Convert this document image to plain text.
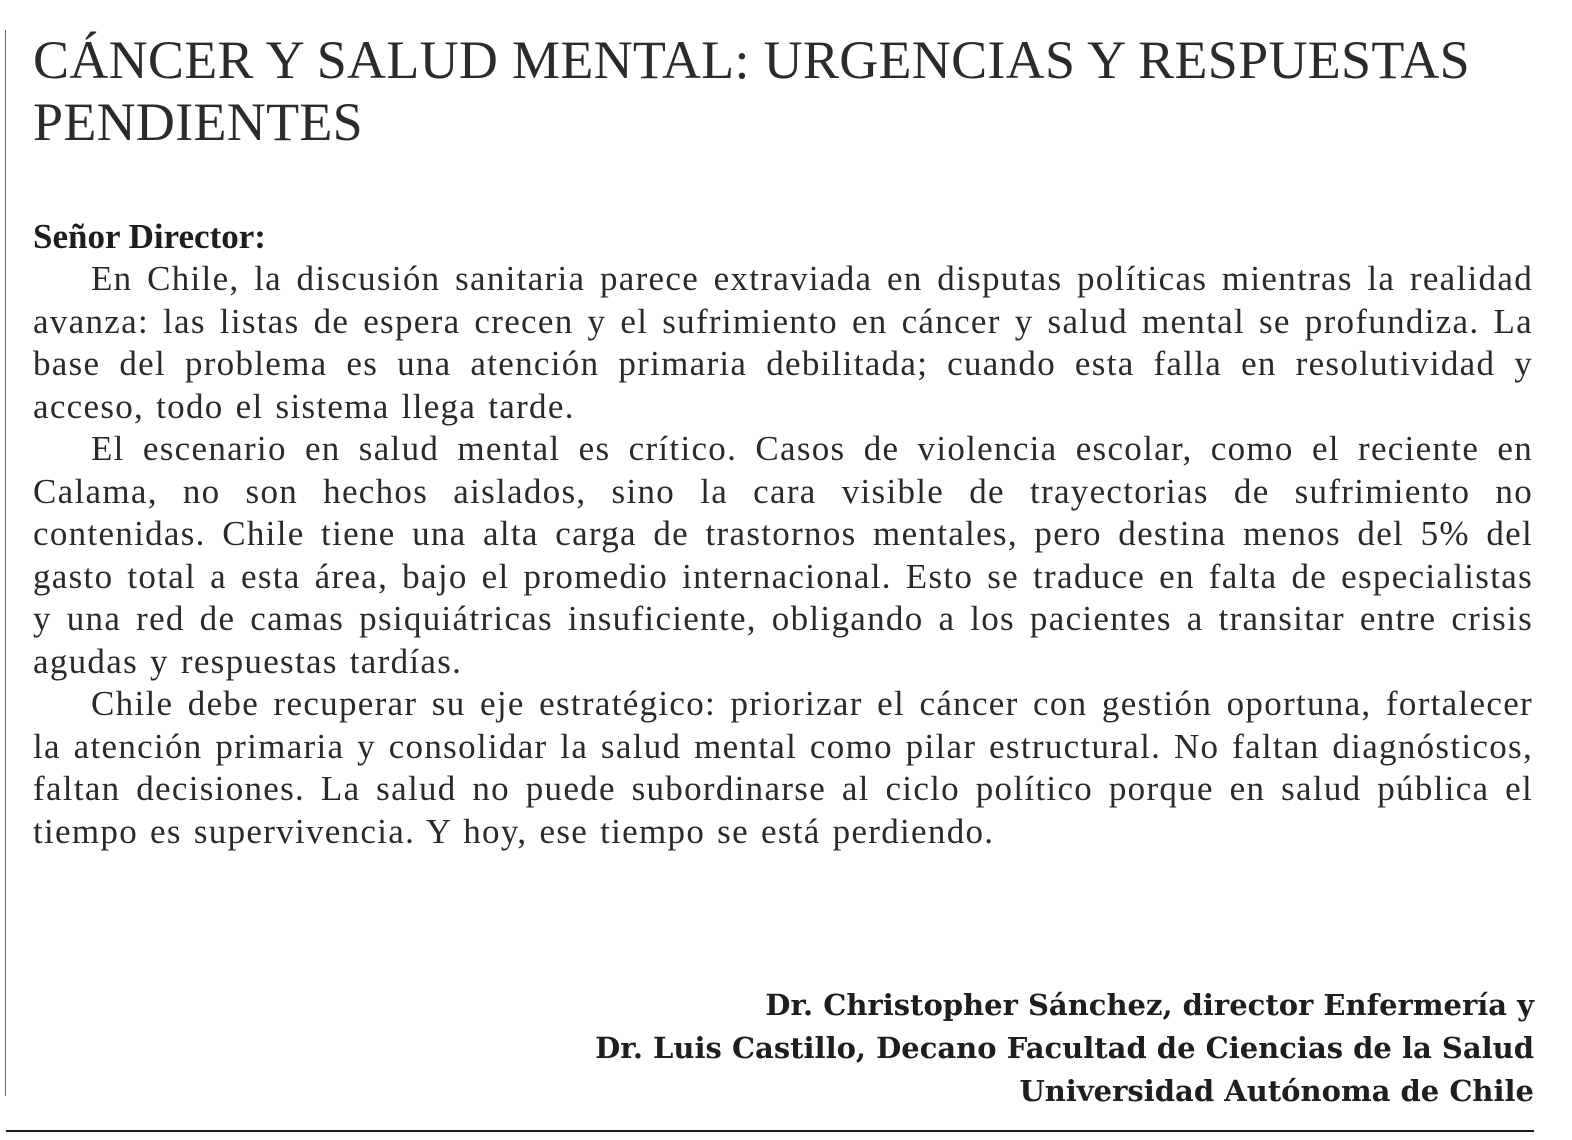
CÁNCER Y SALUD MENTAL: URGENCIAS Y RESPUESTAS PENDIENTES

Señor Director:

En Chile, la discusión sanitaria parece extraviada en disputas políticas mientras la realidad avanza: las listas de espera crecen y el sufrimiento en cáncer y salud mental se profundiza. La base del problema es una atención primaria debilitada; cuando esta falla en resolutividad y acceso, todo el sistema llega tarde.

El escenario en salud mental es crítico. Casos de violencia escolar, como el reciente en Calama, no son hechos aislados, sino la cara visible de trayectorias de sufrimiento no contenidas. Chile tiene una alta carga de trastornos mentales, pero destina menos del 5% del gasto total a esta área, bajo el promedio internacional. Esto se traduce en falta de especialistas y una red de camas psiquiátricas insuficiente, obligando a los pacientes a transitar entre crisis agudas y respuestas tardías.

Chile debe recuperar su eje estratégico: priorizar el cáncer con gestión oportuna, fortalecer la atención primaria y consolidar la salud mental como pilar estructural. No faltan diagnósticos, faltan decisiones. La salud no puede subordinarse al ciclo político porque en salud pública el tiempo es supervivencia. Y hoy, ese tiempo se está perdiendo.

Dr. Christopher Sánchez, director Enfermería y
Dr. Luis Castillo, Decano Facultad de Ciencias de la Salud
Universidad Autónoma de Chile
